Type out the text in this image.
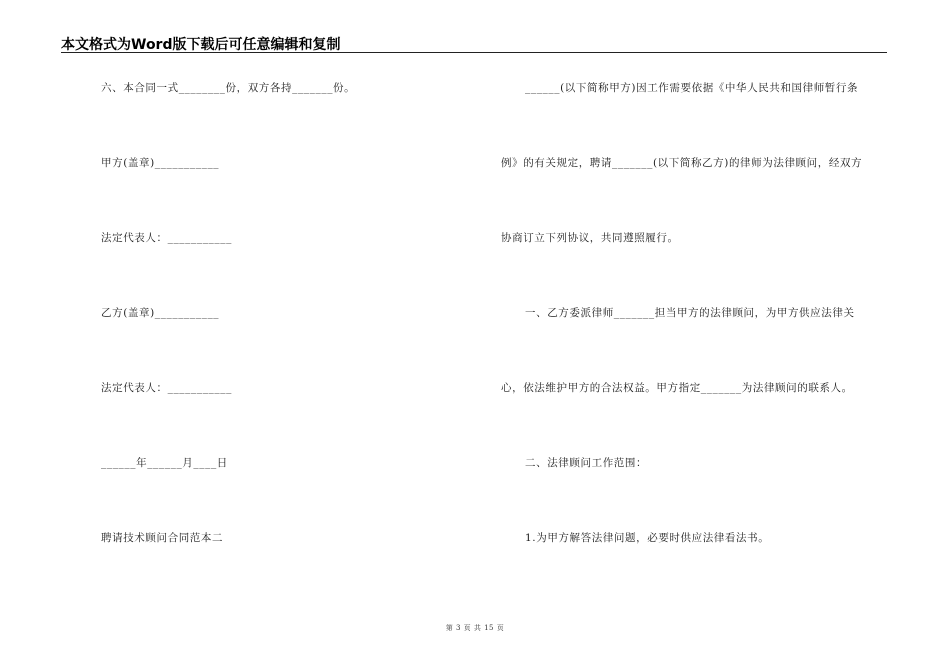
本文格式为Word版下载后可任意编辑和复制
六、本合同一式________份，双方各持_______份。
甲方(盖章)___________
法定代表人：___________
乙方(盖章)___________
法定代表人：___________
______年______月____日
聘请技术顾问合同范本二
______(以下简称甲方)因工作需要依据《中华人民共和国律师暂行条
例》的有关规定，聘请_______(以下简称乙方)的律师为法律顾问，经双方
协商订立下列协议，共同遵照履行。
一、乙方委派律师_______担当甲方的法律顾问，为甲方供应法律关
心，依法维护甲方的合法权益。甲方指定_______为法律顾问的联系人。
二、法律顾问工作范围：
1.为甲方解答法律问题，必要时供应法律看法书。
第 3 页 共 15 页
